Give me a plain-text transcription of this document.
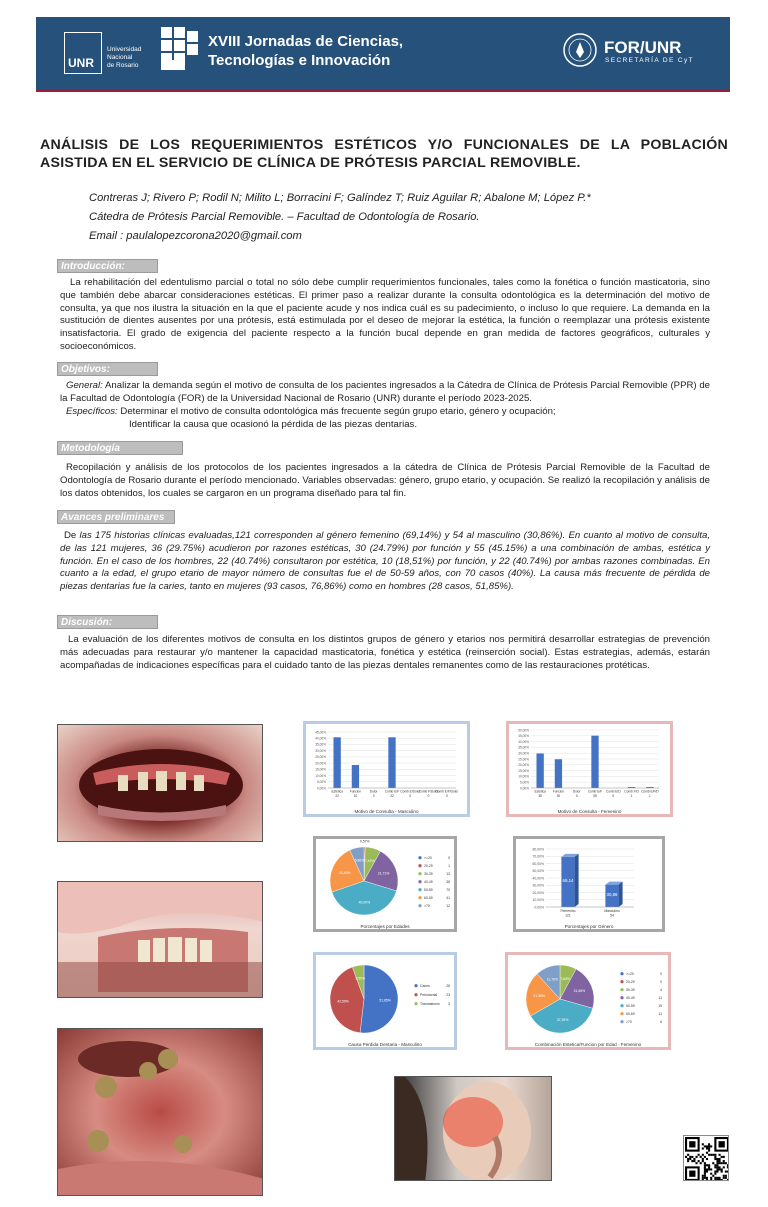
UNR
Universidad
Nacional
de Rosario
XVIII Jornadas de Ciencias,
Tecnologías e Innovación
FOR/UNR
SECRETARÍA DE CyT
ANÁLISIS DE LOS REQUERIMIENTOS ESTÉTICOS Y/O FUNCIONALES DE LA POBLACIÓN ASISTIDA EN EL SERVICIO DE CLÍNICA DE PRÓTESIS PARCIAL REMOVIBLE.
Contreras J; Rivero P; Rodil N; Milito L; Borracini F; Galíndez T; Ruiz Aguilar R; Abalone M; López P.*
Cátedra de Prótesis Parcial Removible. – Facultad de Odontología de Rosario.
Email : paulalopezcorona2020@gmail.com
Introducción:
La rehabilitación del edentulismo parcial o total no sólo debe cumplir requerimientos funcionales, tales como la fonética o función masticatoria, sino que también debe abarcar consideraciones estéticas. El primer paso a realizar durante la consulta odontológica es la determinación del motivo de consulta, ya que nos ilustra la situación en la que el paciente acude y nos indica cuál es su padecimiento, o incluso lo que requiere. La demanda en la sustitución de dientes ausentes por una prótesis, está estimulada por el deseo de mejorar la estética, la función o reemplazar una prótesis existente insatisfactoria. El grado de exigencia del paciente respecto a la función bucal depende en gran medida de factores geográficos, culturales y socioeconómicos.
Objetivos:
General: Analizar la demanda según el motivo de consulta de los pacientes ingresados a la Cátedra de Clínica de Prótesis Parcial Removible (PPR) de la Facultad de Odontología (FOR) de la Universidad Nacional de Rosario (UNR) durante el período 2023-2025.
Específicos: Determinar el motivo de consulta odontológica más frecuente según grupo etario, género y ocupación;
Identificar la causa que ocasionó la pérdida de las piezas dentarias.
Metodología
Recopilación y análisis de los protocolos de los pacientes ingresados a la cátedra de Clínica de Prótesis Parcial Removible de la Facultad de Odontología de Rosario durante el período mencionado. Variables observadas: género, grupo etario, y ocupación. Se realizó la recopilación y análisis de los datos obtenidos, los cuales se cargaron en un programa diseñado para tal fin.
Avances preliminares
De las 175 historias clínicas evaluadas,121 corresponden al género femenino (69,14%) y 54 al masculino (30,86%). En cuanto al motivo de consulta, de las 121 mujeres, 36 (29.75%) acudieron por razones estéticas, 30 (24.79%) por función y 55 (45.15%) a una combinación de ambas, estética y función. En el caso de los hombres, 22 (40.74%) consultaron por estética, 10 (18,51%) por función, y 22 (40.74%) por ambas razones combinadas. En cuanto a la edad, el grupo etario de mayor número de consultas fue el de 50-59 años, con 70 casos (40%). La causa más frecuente de pérdida de piezas dentarias fue la caries, tanto en mujeres (93 casos, 76,86%) como en hombres (28 casos, 51,85%).
Discusión:
La evaluación de los diferentes motivos de consulta en los distintos grupos de género y etarios nos permitirá desarrollar estrategias de prevención más adecuadas para restaurar y/o mantener la capacidad masticatoria, fonética y estética (reinserción social). Estas estrategias, además, estarán acompañadas de indicaciones específicas para el cuidado tanto de las piezas dentales remanentes como de las restauraciones protéticas.
0,00%
5,00%
10,00%
15,00%
20,00%
25,00%
30,00%
35,00%
40,00%
45,00%
Estetica
22
Funcion
10
Dolor
0
Comb E/F
22
Comb E/Dolor
0
Comb F/Dolor
0
Comb E/F/Dolor
0
Motivo de Consulta - Masculino
0,00%
5,00%
10,00%
15,00%
20,00%
25,00%
30,00%
35,00%
40,00%
45,00%
50,00%
Estetica
36
Funcion
30
Dolor
0
Comb E/F
55
Comb E/D
0
Comb F/D
1
Comb E/F/D
1
Motivo de Consulta - Femenino
0,57%
7,43%
21,71%
40,00%
23,43%
6,86%
>=20	0
20-29	1
30-39	13
40-49	38
50-59	70
60-69	41
>70	12
Porcentajes por Edades
0,00%
10,00%
20,00%
30,00%
40,00%
50,00%
60,00%
70,00%
80,00%
Femenino
121
69,14
Masculino
54
30,86
Porcentajes por Género
51,85%
42,59%
5,55%
Caries	28
Periodontal	23
Traumatismo 3
Causa Perdida Dentaria - Masculino
7,84%
21,56%
37,25%
21,56%
11,76%
>=20	0
20-29	0
30-39	4
40-49	11
50-59	19
60-69	11
>70	6
Combinación Estetica/Funcion por Edad - Femenino
